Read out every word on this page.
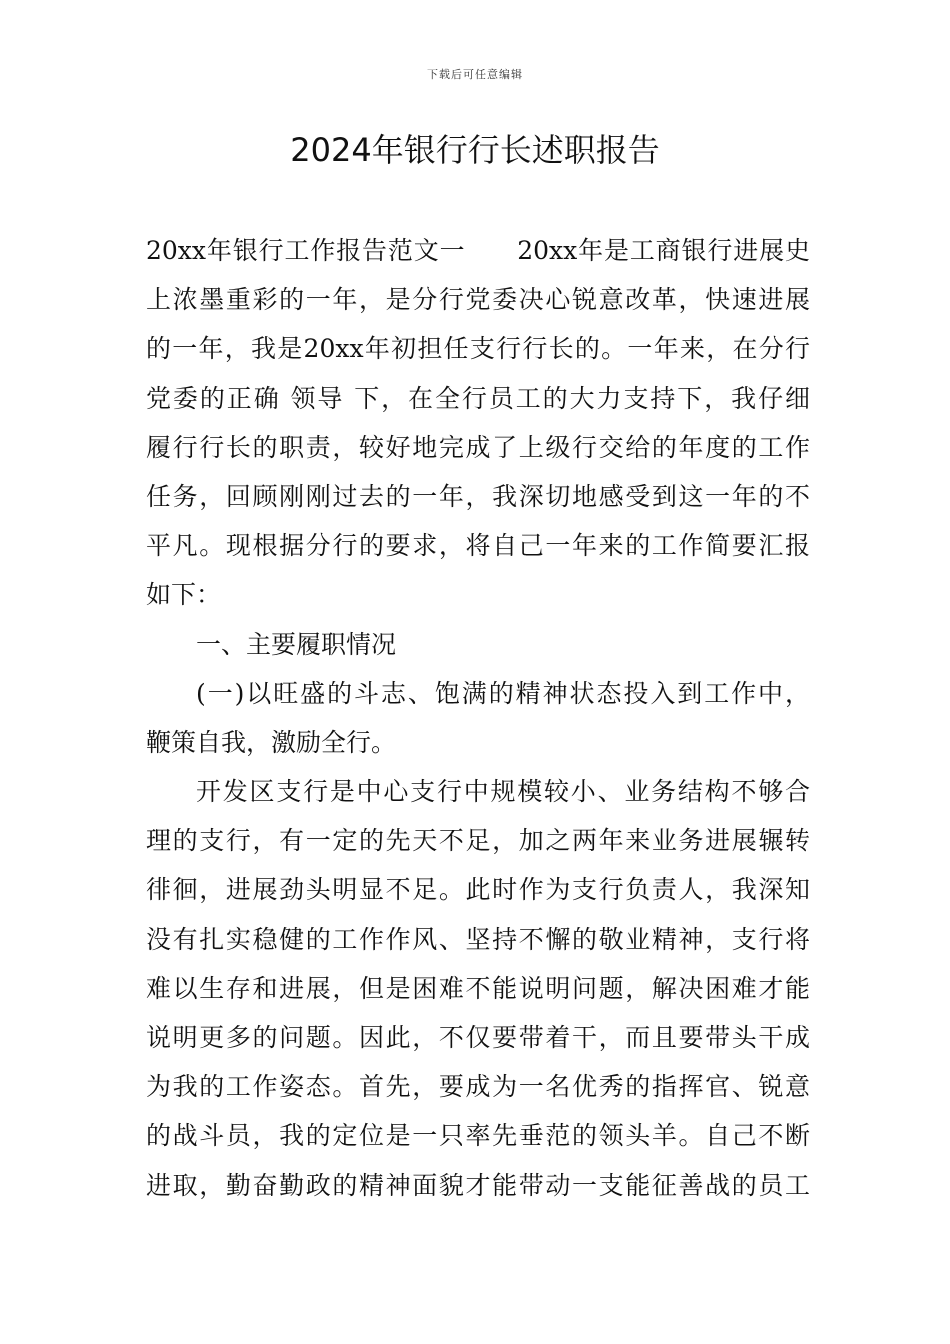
下载后可任意编辑
2024年银行行长述职报告
20xx年银行工作报告范文一　　20xx年是工商银行进展史
上浓墨重彩的一年，是分行党委决心锐意改革，快速进展
的一年，我是20xx年初担任支行行长的。一年来，在分行
党委的正确 领导 下，在全行员工的大力支持下，我仔细
履行行长的职责，较好地完成了上级行交给的年度的工作
任务，回顾刚刚过去的一年，我深切地感受到这一年的不
平凡。现根据分行的要求，将自己一年来的工作简要汇报
如下：
一、主要履职情况
(一)以旺盛的斗志、饱满的精神状态投入到工作中，
鞭策自我，激励全行。
开发区支行是中心支行中规模较小、业务结构不够合
理的支行，有一定的先天不足，加之两年来业务进展辗转
徘徊，进展劲头明显不足。此时作为支行负责人，我深知
没有扎实稳健的工作作风、坚持不懈的敬业精神，支行将
难以生存和进展，但是困难不能说明问题，解决困难才能
说明更多的问题。因此，不仅要带着干，而且要带头干成
为我的工作姿态。首先，要成为一名优秀的指挥官、锐意
的战斗员，我的定位是一只率先垂范的领头羊。自己不断
进取，勤奋勤政的精神面貌才能带动一支能征善战的员工
